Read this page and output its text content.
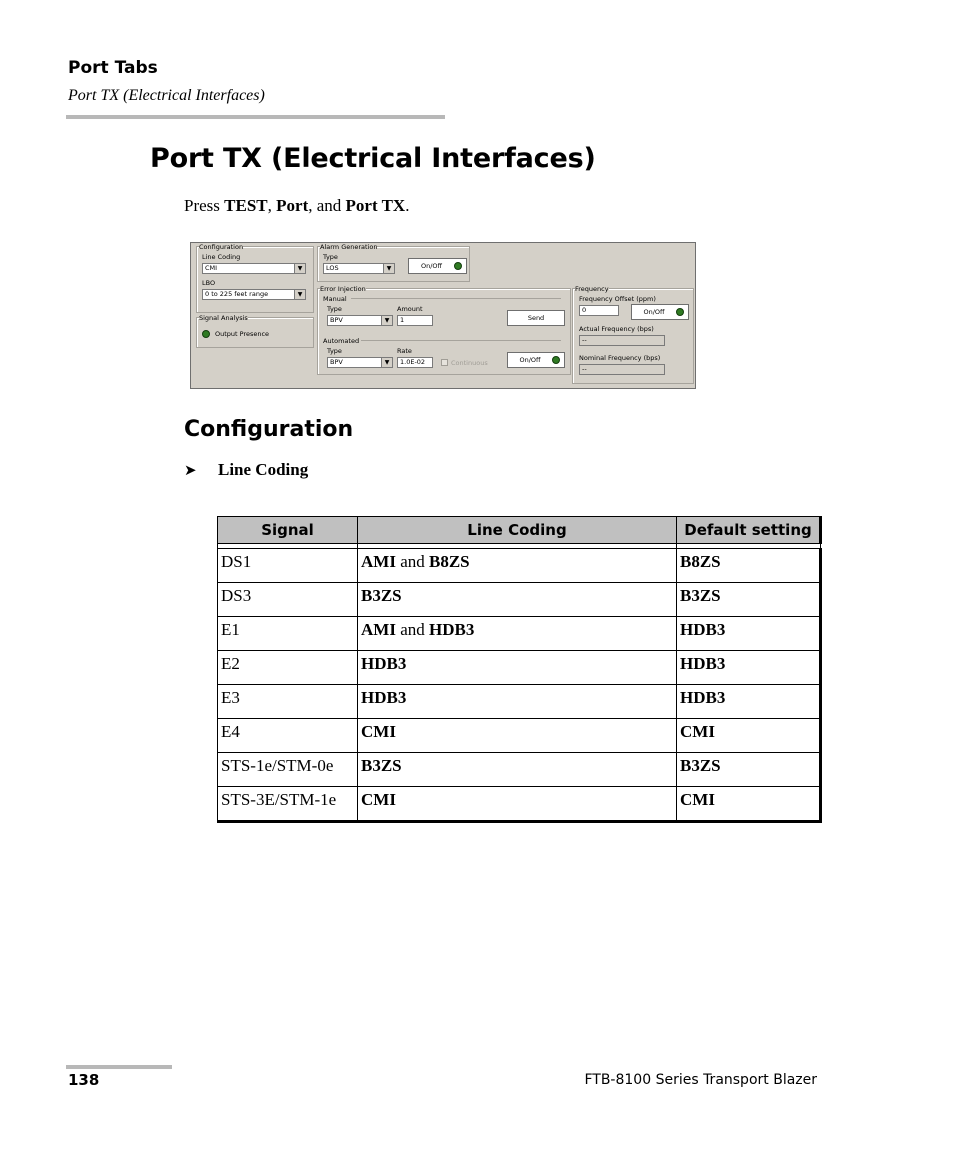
Port Tabs
Port TX (Electrical Interfaces)
Port TX (Electrical Interfaces)
Press TEST, Port, and Port TX.
Configuration
Line Coding
CMI	▼
LBO
0 to 225 feet range	▼
Signal Analysis
Output Presence
Alarm Generation
Type
LOS	▼	On/Off
Error Injection
Manual
Type	Amount
BPV	▼	1	Send
Automated
Type	Rate
BPV	▼	1.0E-02	Continuous	On/Off
Frequency
Frequency Offset (ppm)
0	On/Off
Actual Frequency (bps)
--
Nominal Frequency (bps)
--
Configuration
➤ Line Coding
Signal	Line Coding	Default setting

DS1	AMI and B8ZS	B8ZS
DS3	B3ZS	B3ZS
E1	AMI and HDB3	HDB3
E2	HDB3	HDB3
E3	HDB3	HDB3
E4	CMI	CMI
STS-1e/STM-0e	B3ZS	B3ZS
STS-3E/STM-1e	CMI	CMI
138	FTB-8100 Series Transport Blazer
